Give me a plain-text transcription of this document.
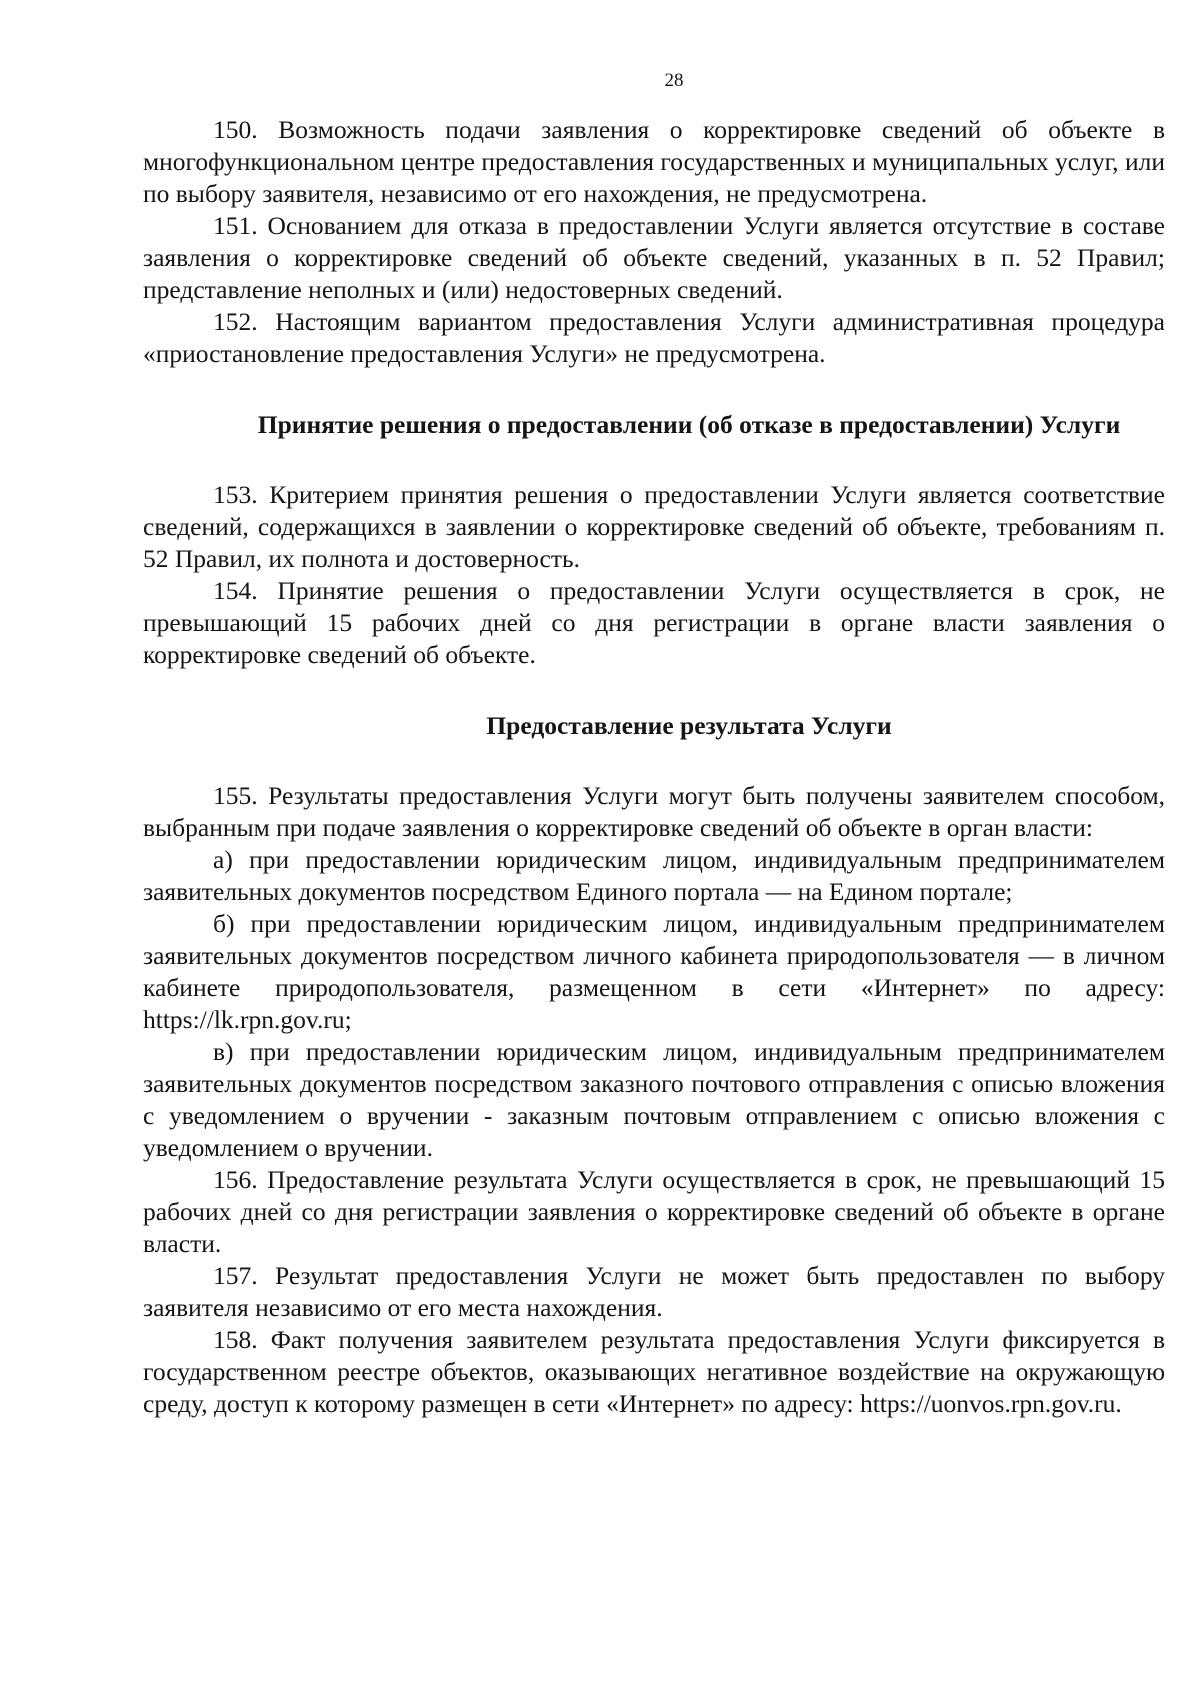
28

150. Возможность подачи заявления о корректировке сведений об объекте в многофункциональном центре предоставления государственных и муниципальных услуг, или по выбору заявителя, независимо от его нахождения, не предусмотрена.

151. Основанием для отказа в предоставлении Услуги является отсутствие в составе заявления о корректировке сведений об объекте сведений, указанных в п. 52 Правил; представление неполных и (или) недостоверных сведений.

152. Настоящим вариантом предоставления Услуги административная процедура «приостановление предоставления Услуги» не предусмотрена.

Принятие решения о предоставлении (об отказе в предоставлении) Услуги

153. Критерием принятия решения о предоставлении Услуги является соответствие сведений, содержащихся в заявлении о корректировке сведений об объекте, требованиям п. 52 Правил, их полнота и достоверность.

154. Принятие решения о предоставлении Услуги осуществляется в срок, не превышающий 15 рабочих дней со дня регистрации в органе власти заявления о корректировке сведений об объекте.

Предоставление результата Услуги

155. Результаты предоставления Услуги могут быть получены заявителем способом, выбранным при подаче заявления о корректировке сведений об объекте в орган власти:

а) при предоставлении юридическим лицом, индивидуальным предпринимателем заявительных документов посредством Единого портала — на Едином портале;

б) при предоставлении юридическим лицом, индивидуальным предпринимателем заявительных документов посредством личного кабинета природопользователя — в личном кабинете природопользователя, размещенном в сети «Интернет» по адресу: https://lk.rpn.gov.ru;

в) при предоставлении юридическим лицом, индивидуальным предпринимателем заявительных документов посредством заказного почтового отправления с описью вложения с уведомлением о вручении - заказным почтовым отправлением с описью вложения с уведомлением о вручении.

156. Предоставление результата Услуги осуществляется в срок, не превышающий 15 рабочих дней со дня регистрации заявления о корректировке сведений об объекте в органе власти.

157. Результат предоставления Услуги не может быть предоставлен по выбору заявителя независимо от его места нахождения.

158. Факт получения заявителем результата предоставления Услуги фиксируется в государственном реестре объектов, оказывающих негативное воздействие на окружающую среду, доступ к которому размещен в сети «Интернет» по адресу: https://uonvos.rpn.gov.ru.
